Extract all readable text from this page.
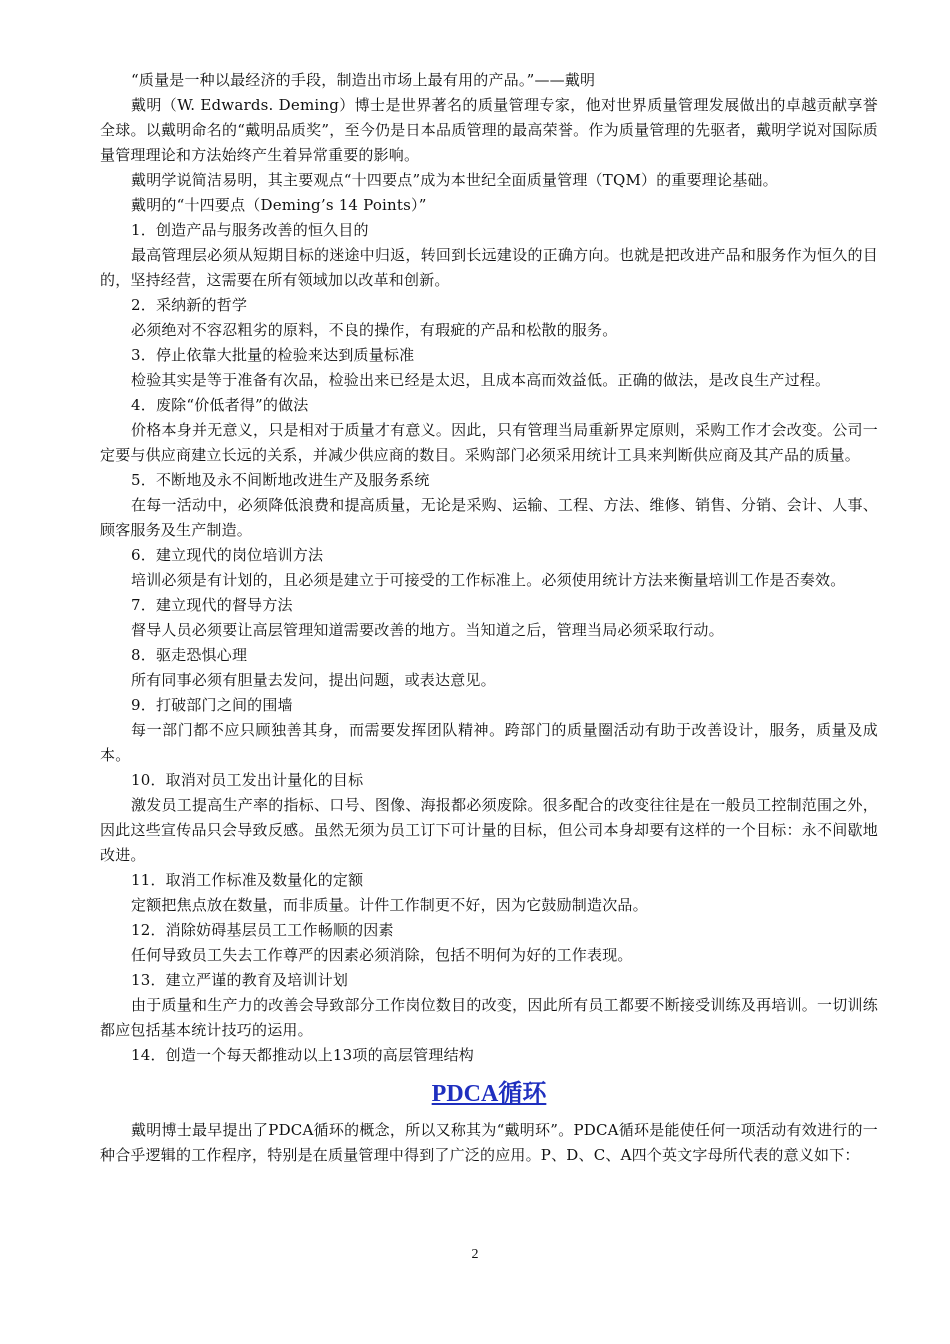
“质量是一种以最经济的手段，制造出市场上最有用的产品。”——戴明

戴明（W. Edwards. Deming）博士是世界著名的质量管理专家，他对世界质量管理发展做出的卓越贡献享誉全球。以戴明命名的“戴明品质奖”，至今仍是日本品质管理的最高荣誉。作为质量管理的先驱者，戴明学说对国际质量管理理论和方法始终产生着异常重要的影响。

戴明学说简洁易明，其主要观点“十四要点”成为本世纪全面质量管理（TQM）的重要理论基础。

戴明的“十四要点（Deming’s 14 Points）”

1．创造产品与服务改善的恒久目的

最高管理层必须从短期目标的迷途中归返，转回到长远建设的正确方向。也就是把改进产品和服务作为恒久的目的，坚持经营，这需要在所有领域加以改革和创新。

2．采纳新的哲学

必须绝对不容忍粗劣的原料，不良的操作，有瑕疵的产品和松散的服务。

3．停止依靠大批量的检验来达到质量标准

检验其实是等于准备有次品，检验出来已经是太迟，且成本高而效益低。正确的做法，是改良生产过程。

4．废除“价低者得”的做法

价格本身并无意义，只是相对于质量才有意义。因此，只有管理当局重新界定原则，采购工作才会改变。公司一定要与供应商建立长远的关系，并减少供应商的数目。采购部门必须采用统计工具来判断供应商及其产品的质量。

5．不断地及永不间断地改进生产及服务系统

在每一活动中，必须降低浪费和提高质量，无论是采购、运输、工程、方法、维修、销售、分销、会计、人事、顾客服务及生产制造。

6．建立现代的岗位培训方法

培训必须是有计划的，且必须是建立于可接受的工作标准上。必须使用统计方法来衡量培训工作是否奏效。

7．建立现代的督导方法

督导人员必须要让高层管理知道需要改善的地方。当知道之后，管理当局必须采取行动。

8．驱走恐惧心理

所有同事必须有胆量去发问，提出问题，或表达意见。

9．打破部门之间的围墙

每一部门都不应只顾独善其身，而需要发挥团队精神。跨部门的质量圈活动有助于改善设计，服务，质量及成本。

10．取消对员工发出计量化的目标

激发员工提高生产率的指标、口号、图像、海报都必须废除。很多配合的改变往往是在一般员工控制范围之外，因此这些宣传品只会导致反感。虽然无须为员工订下可计量的目标，但公司本身却要有这样的一个目标：永不间歇地改进。

11．取消工作标准及数量化的定额

定额把焦点放在数量，而非质量。计件工作制更不好，因为它鼓励制造次品。

12．消除妨碍基层员工工作畅顺的因素

任何导致员工失去工作尊严的因素必须消除，包括不明何为好的工作表现。

13．建立严谨的教育及培训计划

由于质量和生产力的改善会导致部分工作岗位数目的改变，因此所有员工都要不断接受训练及再培训。一切训练都应包括基本统计技巧的运用。

14．创造一个每天都推动以上13项的高层管理结构

PDCA循环

戴明博士最早提出了PDCA循环的概念，所以又称其为“戴明环”。PDCA循环是能使任何一项活动有效进行的一种合乎逻辑的工作程序，特别是在质量管理中得到了广泛的应用。P、D、C、A四个英文字母所代表的意义如下：

2
